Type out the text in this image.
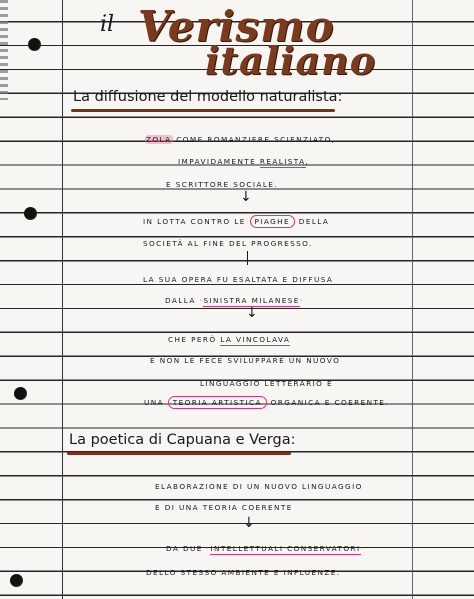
il Verismo
italiano
La diffusione del modello naturalista:
ZOLA COME ROMANZIERE SCIENZIATO,
IMPAVIDAMENTE REALISTA,
E SCRITTORE SOCIALE.
↓
IN LOTTA CONTRO LE PIAGHE DELLA
SOCIETÀ AL FINE DEL PROGRESSO.
LA SUA OPERA FU ESALTATA E DIFFUSA
DALLA ·SINISTRA MILANESE·
↓
CHE PERÒ LA VINCOLAVA
E NON LE FECE SVILUPPARE UN NUOVO
LINGUAGGIO LETTERARIO E
UNA TEORIA ARTISTICA ORGANICA E COERENTE.
La poetica di Capuana e Verga:
ELABORAZIONE DI UN NUOVO LINGUAGGIO
E DI UNA TEORIA COERENTE
↓
DA DUE ·INTELLETTUALI CONSERVATORI·
DELLO STESSO AMBIENTE E INFLUENZE.
